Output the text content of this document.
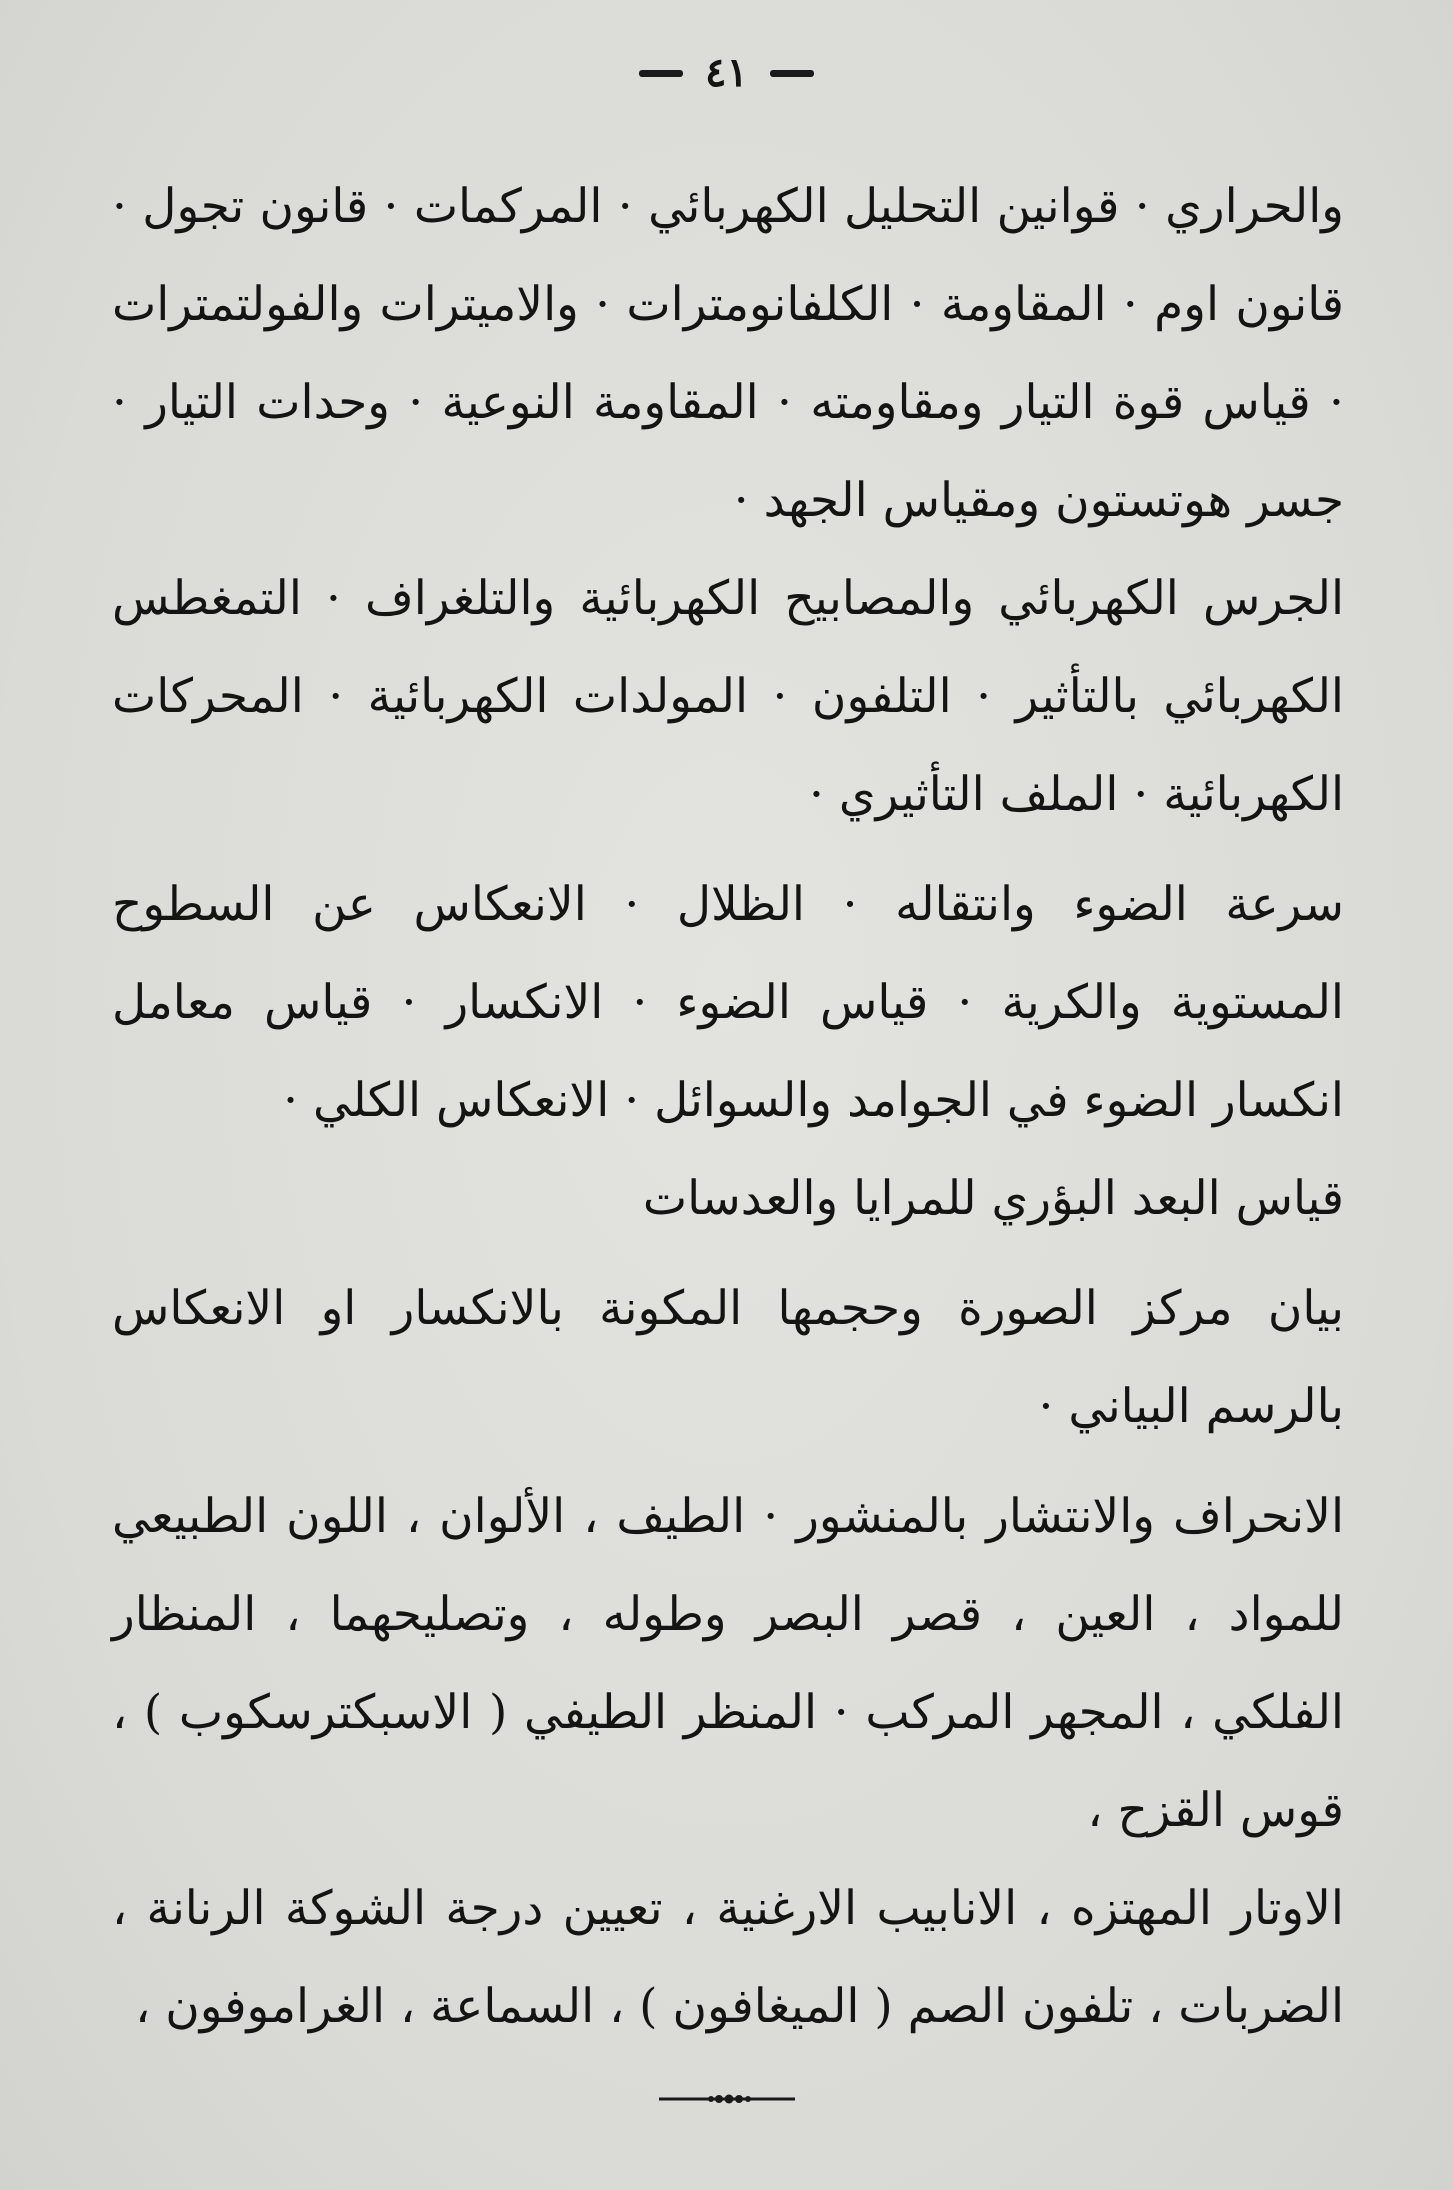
٤١

والحراري · قوانين التحليل الكهربائي · المركمات · قانون تجول · قانون اوم · المقاومة · الكلفانومترات · والاميترات والفولتمترات · قياس قوة التيار ومقاومته · المقاومة النوعية · وحدات التيار · جسر هوتستون ومقياس الجهد ·

الجرس الكهربائي والمصابيح الكهربائية والتلغراف · التمغطس الكهربائي بالتأثير · التلفون · المولدات الكهربائية · المحركات الكهربائية · الملف التأثيري ·

سرعة الضوء وانتقاله · الظلال · الانعكاس عن السطوح المستوية والكرية · قياس الضوء · الانكسار · قياس معامل انكسار الضوء في الجوامد والسوائل · الانعكاس الكلي ·

قياس البعد البؤري للمرايا والعدسات

بيان مركز الصورة وحجمها المكونة بالانكسار او الانعكاس بالرسم البياني ·

الانحراف والانتشار بالمنشور · الطيف ، الألوان ، اللون الطبيعي للمواد ، العين ، قصر البصر وطوله ، وتصليحهما ، المنظار الفلكي ، المجهر المركب · المنظر الطيفي ( الاسبكترسكوب ) ، قوس القزح ،

الاوتار المهتزه ، الانابيب الارغنية ، تعيين درجة الشوكة الرنانة ، الضربات ، تلفون الصم ( الميغافون ) ، السماعة ، الغراموفون ،
